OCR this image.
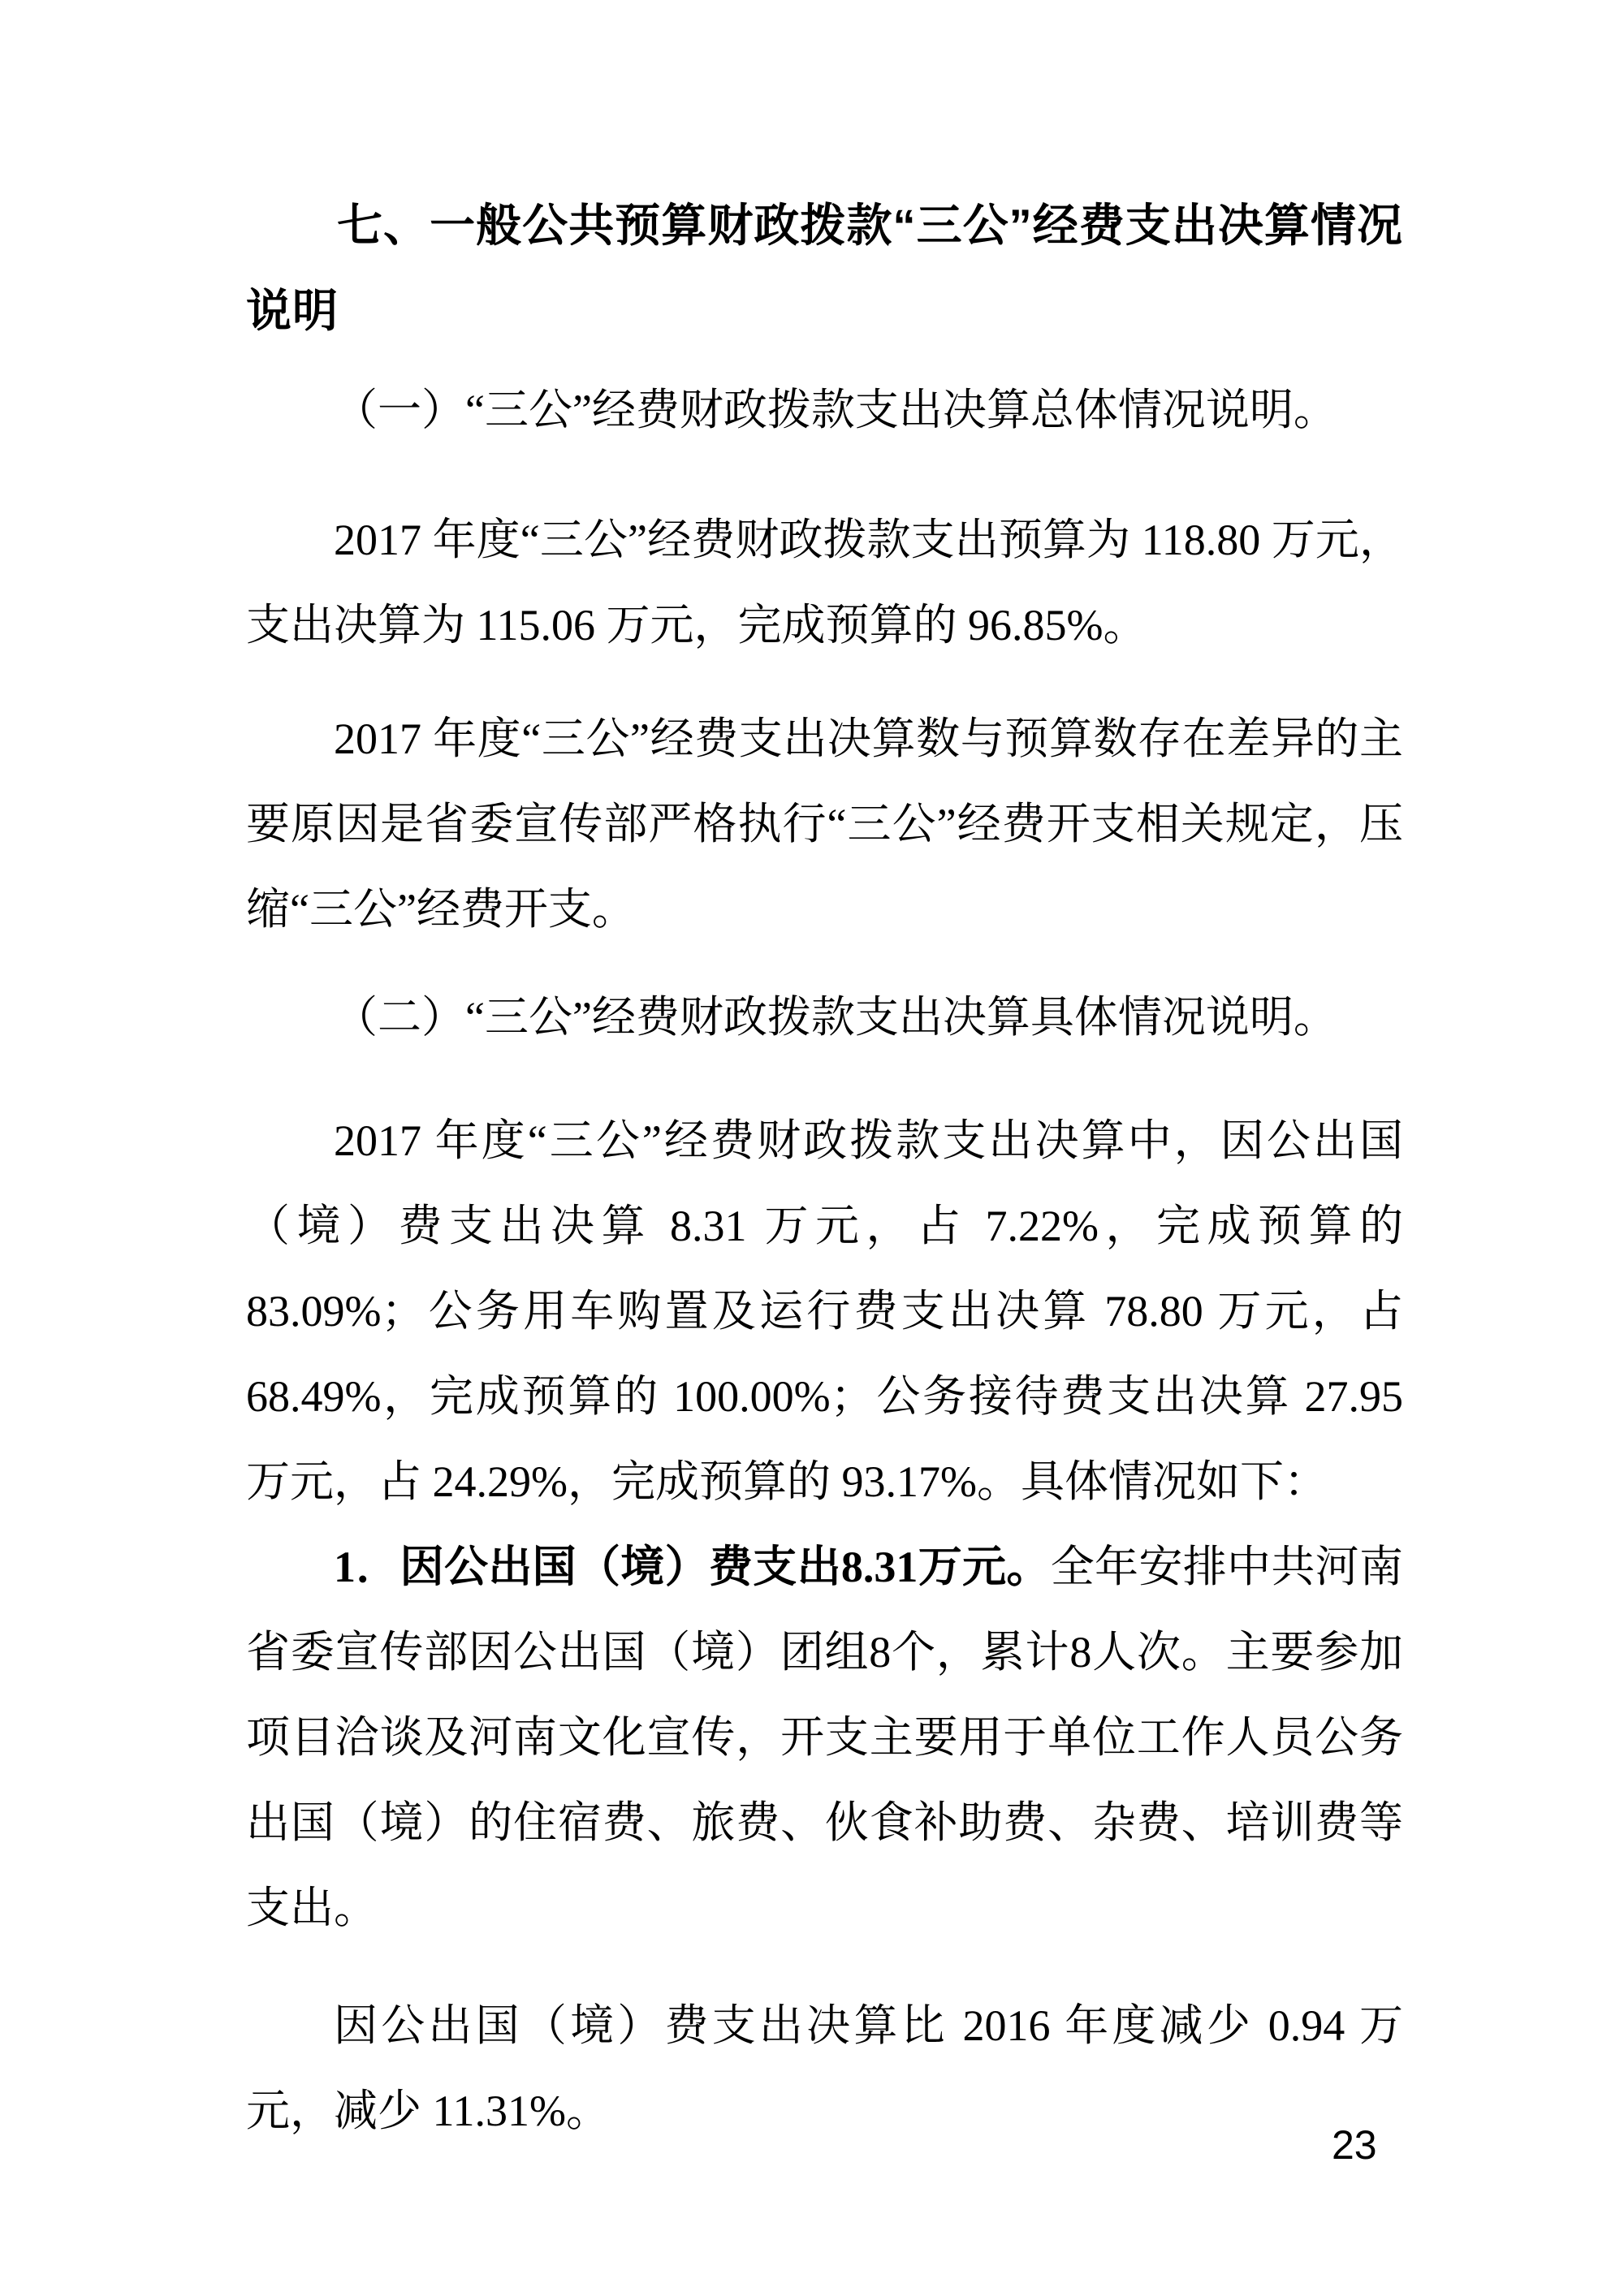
七、一般公共预算财政拨款“三公”经费支出决算情况说明

（一）“三公”经费财政拨款支出决算总体情况说明。

2017 年度“三公”经费财政拨款支出预算为 118.80 万元，支出决算为 115.06 万元，完成预算的 96.85%。

2017 年度“三公”经费支出决算数与预算数存在差异的主要原因是省委宣传部严格执行“三公”经费开支相关规定，压缩“三公”经费开支。

（二）“三公”经费财政拨款支出决算具体情况说明。

2017 年度“三公”经费财政拨款支出决算中，因公出国（境）费支出决算 8.31 万元，占 7.22%，完成预算的 83.09%；公务用车购置及运行费支出决算 78.80 万元，占 68.49%，完成预算的 100.00%；公务接待费支出决算 27.95 万元，占 24.29%，完成预算的 93.17%。具体情况如下：

1．因公出国（境）费支出8.31万元。全年安排中共河南省委宣传部因公出国（境）团组8个，累计8人次。主要参加项目洽谈及河南文化宣传，开支主要用于单位工作人员公务出国（境）的住宿费、旅费、伙食补助费、杂费、培训费等支出。

因公出国（境）费支出决算比 2016 年度减少 0.94 万元，减少 11.31%。

23
